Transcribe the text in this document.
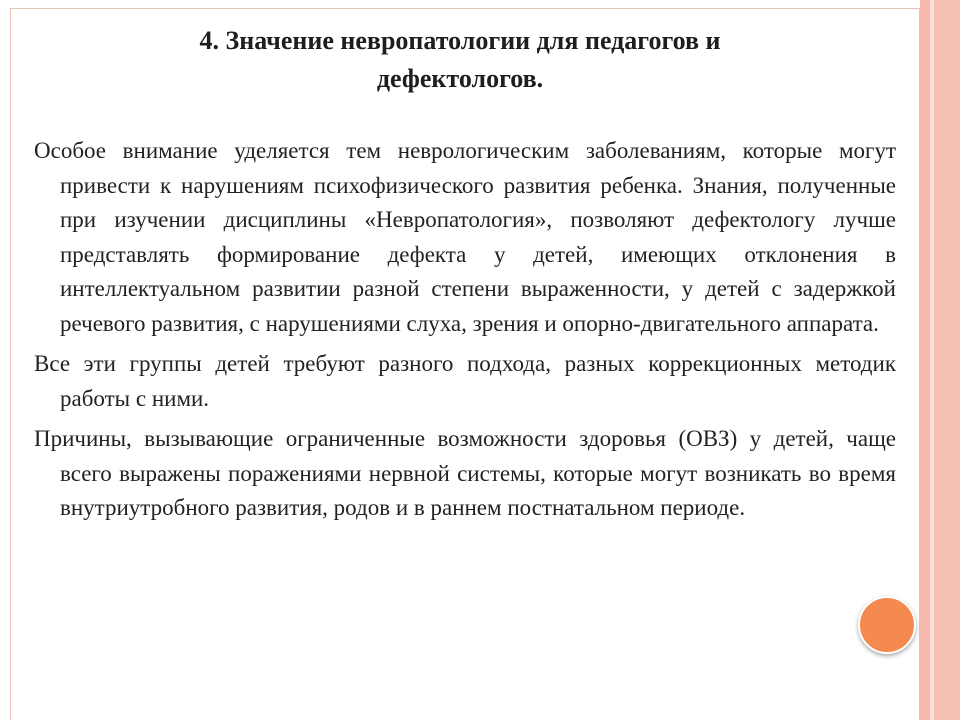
4. Значение невропатологии для педагогов и
дефектологов.

Особое внимание уделяется тем неврологическим заболеваниям, которые могут привести к нарушениям психофизического развития ребенка. Знания, полученные при изучении дисциплины «Невропатология», позволяют дефектологу лучше представлять формирование дефекта у детей, имеющих отклонения в интеллектуальном развитии разной степени выраженности, у детей с задержкой речевого развития, с нарушениями слуха, зрения и опорно-двигательного аппарата.

Все эти группы детей требуют разного подхода, разных коррекционных методик работы с ними.

Причины, вызывающие ограниченные возможности здоровья (ОВЗ) у детей, чаще всего выражены поражениями нервной системы, которые могут возникать во время внутриутробного развития, родов и в раннем постнатальном периоде.
